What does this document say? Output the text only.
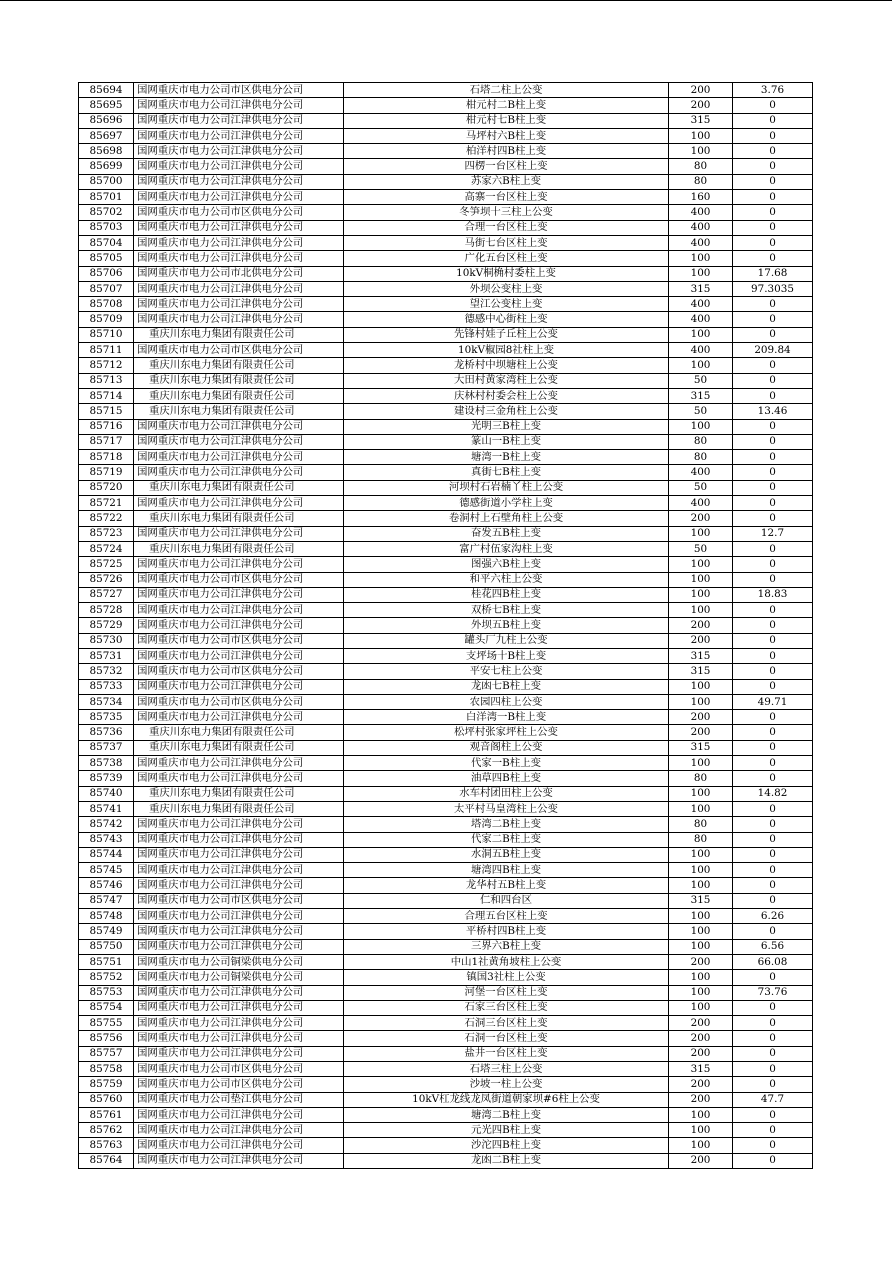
85694	国网重庆市电力公司市区供电分公司	石塔二柱上公变	200	3.76
85695	国网重庆市电力公司江津供电分公司	柑元村二B柱上变	200	0
85696	国网重庆市电力公司江津供电分公司	柑元村七B柱上变	315	0
85697	国网重庆市电力公司江津供电分公司	马坪村六B柱上变	100	0
85698	国网重庆市电力公司江津供电分公司	柏洋村四B柱上变	100	0
85699	国网重庆市电力公司江津供电分公司	四楞一台区柱上变	80	0
85700	国网重庆市电力公司江津供电分公司	苏家六B柱上变	80	0
85701	国网重庆市电力公司江津供电分公司	高寨一台区柱上变	160	0
85702	国网重庆市电力公司市区供电分公司	冬笋坝十三柱上公变	400	0
85703	国网重庆市电力公司江津供电分公司	合理一台区柱上变	400	0
85704	国网重庆市电力公司江津供电分公司	马街七台区柱上变	400	0
85705	国网重庆市电力公司江津供电分公司	广化五台区柱上变	100	0
85706	国网重庆市电力公司市北供电分公司	10kV桐桷村委柱上变	100	17.68
85707	国网重庆市电力公司江津供电分公司	外坝公变柱上变	315	97.3035
85708	国网重庆市电力公司江津供电分公司	望江公变柱上变	400	0
85709	国网重庆市电力公司江津供电分公司	德感中心街柱上变	400	0
85710	重庆川东电力集团有限责任公司	先锋村娃子丘柱上公变	100	0
85711	国网重庆市电力公司市区供电分公司	10kV椒园8社柱上变	400	209.84
85712	重庆川东电力集团有限责任公司	龙桥村中坝塘柱上公变	100	0
85713	重庆川东电力集团有限责任公司	大田村黄家湾柱上公变	50	0
85714	重庆川东电力集团有限责任公司	庆林村村委会柱上公变	315	0
85715	重庆川东电力集团有限责任公司	建设村三金角柱上公变	50	13.46
85716	国网重庆市电力公司江津供电分公司	光明三B柱上变	100	0
85717	国网重庆市电力公司江津供电分公司	篆山一B柱上变	80	0
85718	国网重庆市电力公司江津供电分公司	塘湾一B柱上变	80	0
85719	国网重庆市电力公司江津供电分公司	真街七B柱上变	400	0
85720	重庆川东电力集团有限责任公司	河坝村石岩楠丫柱上公变	50	0
85721	国网重庆市电力公司江津供电分公司	德感街道小学柱上变	400	0
85722	重庆川东电力集团有限责任公司	卷洞村上石壁角柱上公变	200	0
85723	国网重庆市电力公司江津供电分公司	奋发五B柱上变	100	12.7
85724	重庆川东电力集团有限责任公司	富广村伍家沟柱上变	50	0
85725	国网重庆市电力公司江津供电分公司	图强六B柱上变	100	0
85726	国网重庆市电力公司市区供电分公司	和平六柱上公变	100	0
85727	国网重庆市电力公司江津供电分公司	桂花四B柱上变	100	18.83
85728	国网重庆市电力公司江津供电分公司	双桥七B柱上变	100	0
85729	国网重庆市电力公司江津供电分公司	外坝五B柱上变	200	0
85730	国网重庆市电力公司市区供电分公司	罐头厂九柱上公变	200	0
85731	国网重庆市电力公司江津供电分公司	支坪场十B柱上变	315	0
85732	国网重庆市电力公司市区供电分公司	平安七柱上公变	315	0
85733	国网重庆市电力公司江津供电分公司	龙凼七B柱上变	100	0
85734	国网重庆市电力公司市区供电分公司	农园四柱上公变	100	49.71
85735	国网重庆市电力公司江津供电分公司	白洋湾一B柱上变	200	0
85736	重庆川东电力集团有限责任公司	松坪村张家坪柱上公变	200	0
85737	重庆川东电力集团有限责任公司	观音阁柱上公变	315	0
85738	国网重庆市电力公司江津供电分公司	代家一B柱上变	100	0
85739	国网重庆市电力公司江津供电分公司	油草四B柱上变	80	0
85740	重庆川东电力集团有限责任公司	水车村团田柱上公变	100	14.82
85741	重庆川东电力集团有限责任公司	太平村马皇湾柱上公变	100	0
85742	国网重庆市电力公司江津供电分公司	塔湾二B柱上变	80	0
85743	国网重庆市电力公司江津供电分公司	代家二B柱上变	80	0
85744	国网重庆市电力公司江津供电分公司	水洞五B柱上变	100	0
85745	国网重庆市电力公司江津供电分公司	塘湾四B柱上变	100	0
85746	国网重庆市电力公司江津供电分公司	龙华村五B柱上变	100	0
85747	国网重庆市电力公司市区供电分公司	仁和四台区	315	0
85748	国网重庆市电力公司江津供电分公司	合理五台区柱上变	100	6.26
85749	国网重庆市电力公司江津供电分公司	平桥村四B柱上变	100	0
85750	国网重庆市电力公司江津供电分公司	三界六B柱上变	100	6.56
85751	国网重庆市电力公司铜梁供电分公司	中山1社黄角坡柱上公变	200	66.08
85752	国网重庆市电力公司铜梁供电分公司	镇国3社柱上公变	100	0
85753	国网重庆市电力公司江津供电分公司	河堡一台区柱上变	100	73.76
85754	国网重庆市电力公司江津供电分公司	石家三台区柱上变	100	0
85755	国网重庆市电力公司江津供电分公司	石洞三台区柱上变	200	0
85756	国网重庆市电力公司江津供电分公司	石洞一台区柱上变	200	0
85757	国网重庆市电力公司江津供电分公司	盐井一台区柱上变	200	0
85758	国网重庆市电力公司市区供电分公司	石塔三柱上公变	315	0
85759	国网重庆市电力公司市区供电分公司	沙坡一柱上公变	200	0
85760	国网重庆市电力公司垫江供电分公司	10kV杠龙线龙凤街道朝家坝#6柱上公变	200	47.7
85761	国网重庆市电力公司江津供电分公司	塘湾二B柱上变	100	0
85762	国网重庆市电力公司江津供电分公司	元光四B柱上变	100	0
85763	国网重庆市电力公司江津供电分公司	沙沱四B柱上变	100	0
85764	国网重庆市电力公司江津供电分公司	龙凼二B柱上变	200	0
